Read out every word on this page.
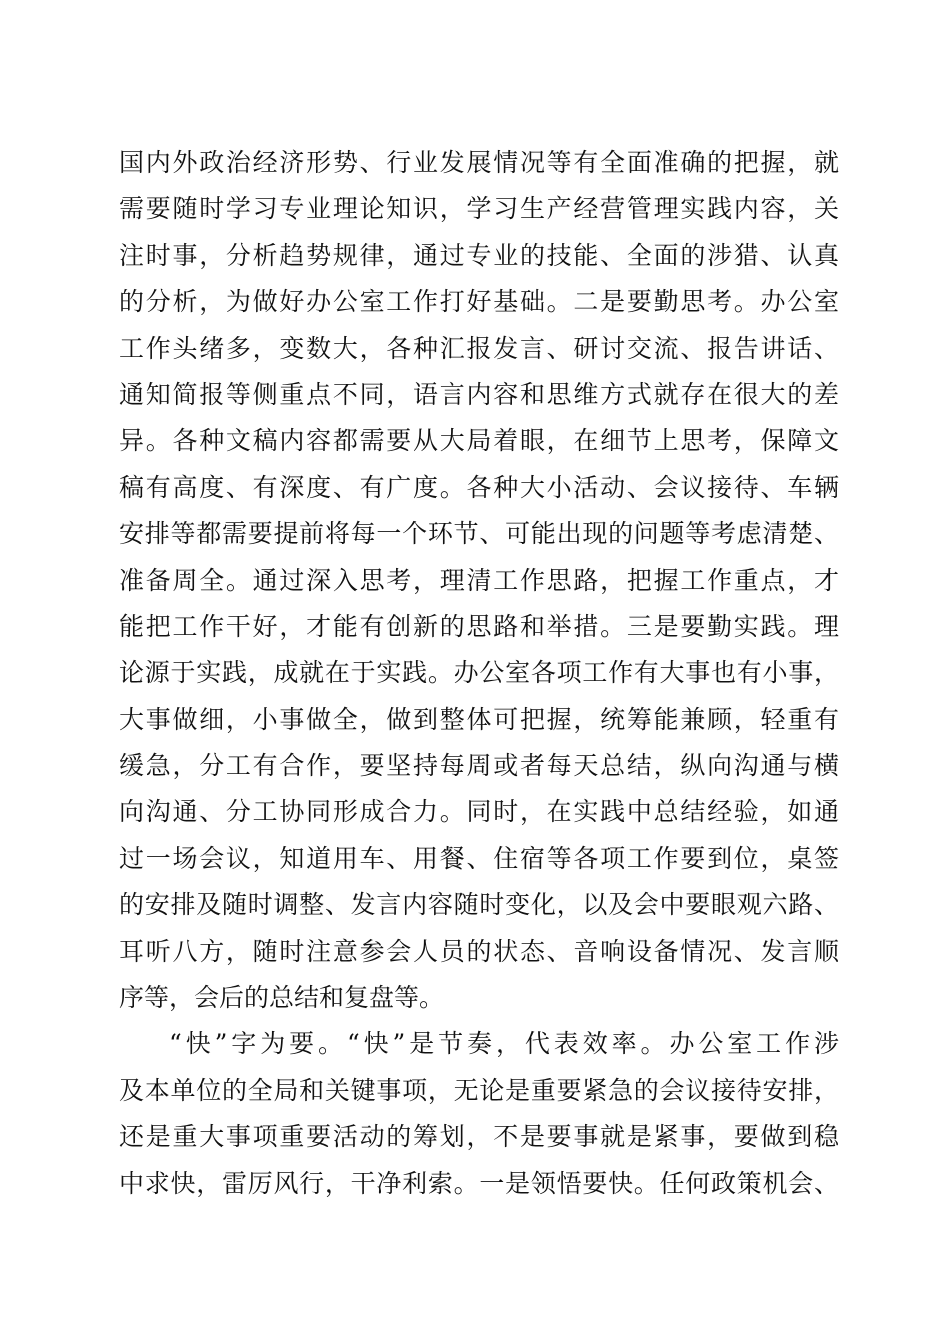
国内外政治经济形势、行业发展情况等有全面准确的把握，就
需要随时学习专业理论知识，学习生产经营管理实践内容，关
注时事，分析趋势规律，通过专业的技能、全面的涉猎、认真
的分析，为做好办公室工作打好基础。二是要勤思考。办公室
工作头绪多，变数大，各种汇报发言、研讨交流、报告讲话、
通知简报等侧重点不同，语言内容和思维方式就存在很大的差
异。各种文稿内容都需要从大局着眼，在细节上思考，保障文
稿有高度、有深度、有广度。各种大小活动、会议接待、车辆
安排等都需要提前将每一个环节、可能出现的问题等考虑清楚、
准备周全。通过深入思考，理清工作思路，把握工作重点，才
能把工作干好，才能有创新的思路和举措。三是要勤实践。理
论源于实践，成就在于实践。办公室各项工作有大事也有小事，
大事做细，小事做全，做到整体可把握，统筹能兼顾，轻重有
缓急，分工有合作，要坚持每周或者每天总结，纵向沟通与横
向沟通、分工协同形成合力。同时，在实践中总结经验，如通
过一场会议，知道用车、用餐、住宿等各项工作要到位，桌签
的安排及随时调整、发言内容随时变化，以及会中要眼观六路、
耳听八方，随时注意参会人员的状态、音响设备情况、发言顺
序等，会后的总结和复盘等。
“快”字为要。“快”是节奏，代表效率。办公室工作涉
及本单位的全局和关键事项，无论是重要紧急的会议接待安排，
还是重大事项重要活动的筹划，不是要事就是紧事，要做到稳
中求快，雷厉风行，干净利索。一是领悟要快。任何政策机会、
